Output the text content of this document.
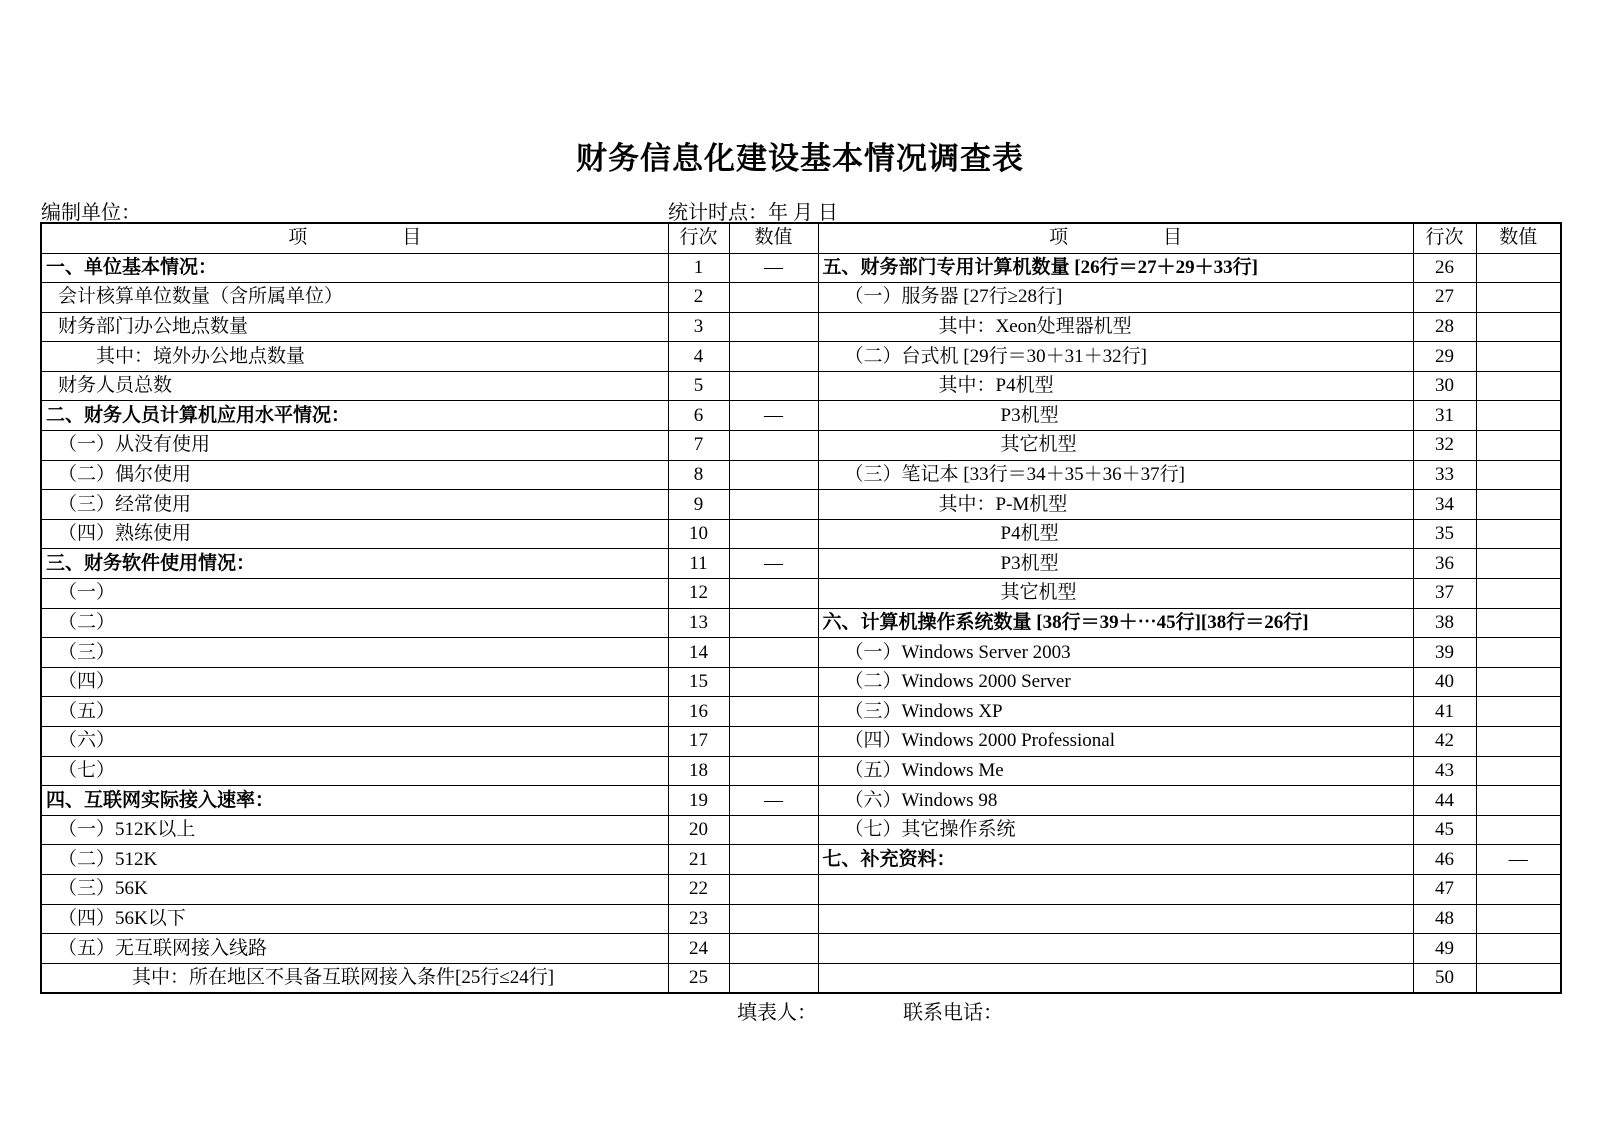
财务信息化建设基本情况调查表
编制单位：	统计时点：年 月 日
项　　　　　目	行次	数值	项　　　　　目	行次	数值
一、单位基本情况：	1	—	五、财务部门专用计算机数量 [26行＝27＋29＋33行]	26	
会计核算单位数量（含所属单位）	2		（一）服务器 [27行≥28行]	27	
财务部门办公地点数量	3		其中：Xeon处理器机型	28	
其中：境外办公地点数量	4		（二）台式机 [29行＝30＋31＋32行]	29	
财务人员总数	5		其中：P4机型	30	
二、财务人员计算机应用水平情况：	6	—	P3机型	31	
（一）从没有使用	7		其它机型	32	
（二）偶尔使用	8		（三）笔记本 [33行＝34＋35＋36＋37行]	33	
（三）经常使用	9		其中：P-M机型	34	
（四）熟练使用	10		P4机型	35	
三、财务软件使用情况：	11	—	P3机型	36	
（一）	12		其它机型	37	
（二）	13		六、计算机操作系统数量 [38行＝39＋⋯45行][38行＝26行]	38	
（三）	14		（一）Windows Server 2003	39	
（四）	15		（二）Windows 2000 Server	40	
（五）	16		（三）Windows XP	41	
（六）	17		（四）Windows 2000 Professional	42	
（七）	18		（五）Windows Me	43	
四、互联网实际接入速率：	19	—	（六）Windows 98	44	
（一）512K以上	20		（七）其它操作系统	45	
（二）512K	21		七、补充资料：	46	—
（三）56K	22			47	
（四）56K以下	23			48	
（五）无互联网接入线路	24			49	
其中：所在地区不具备互联网接入条件[25行≤24行]	25			50	
填表人：	联系电话：
